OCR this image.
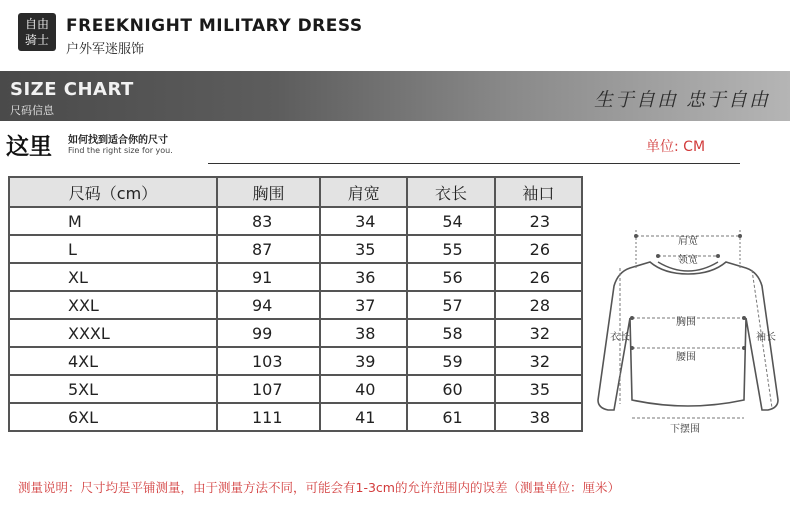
自由
骑士
FREEKNIGHT MILITARY DRESS
户外军迷服饰
SIZE CHART
尺码信息	生于自由 忠于自由
这里 如何找到适合你的尺寸
Find the right size for you.	单位: CM
尺码（cm）	胸围	肩宽	衣长	袖口
M	83	34	54	23
L	87	35	55	26
XL	91	36	56	26
XXL	94	37	57	28
XXXL	99	38	58	32
4XL	103	39	59	32
5XL	107	40	60	35
6XL	111	41	61	38
肩宽
领宽
衣长
胸围
袖长
腰围
下摆围
测量说明：尺寸均是平铺测量，由于测量方法不同，可能会有1-3cm的允许范围内的误差（测量单位：厘米）
